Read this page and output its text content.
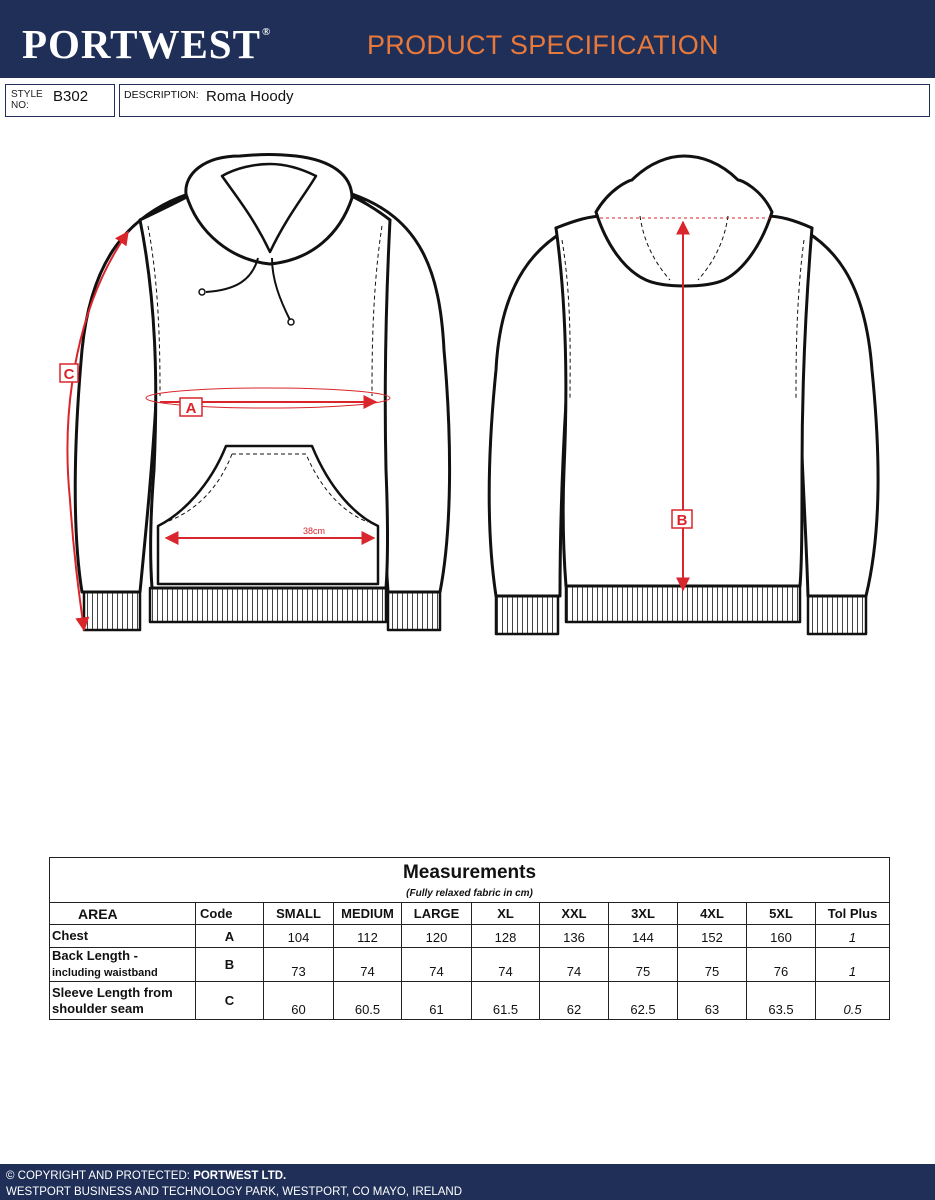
PORTWEST®	PRODUCT SPECIFICATION
STYLE NO:
B302	DESCRIPTION: Roma Hoody
C
A
38cm
B
Measurements
(Fully relaxed fabric in cm)										

AREA	Code	SMALL	MEDIUM	LARGE	XL	XXL	3XL	4XL	5XL	Tol Plus
Chest	A	104	112	120	128	136	144	152	160	1
Back Length -
including waistband	B	73	74	74	74	74	75	75	76	1
Sleeve Length from
shoulder seam	C	60	60.5	61	61.5	62	62.5	63	63.5	0.5
© COPYRIGHT AND PROTECTED: PORTWEST LTD.
WESTPORT BUSINESS AND TECHNOLOGY PARK, WESTPORT, CO MAYO, IRELAND
